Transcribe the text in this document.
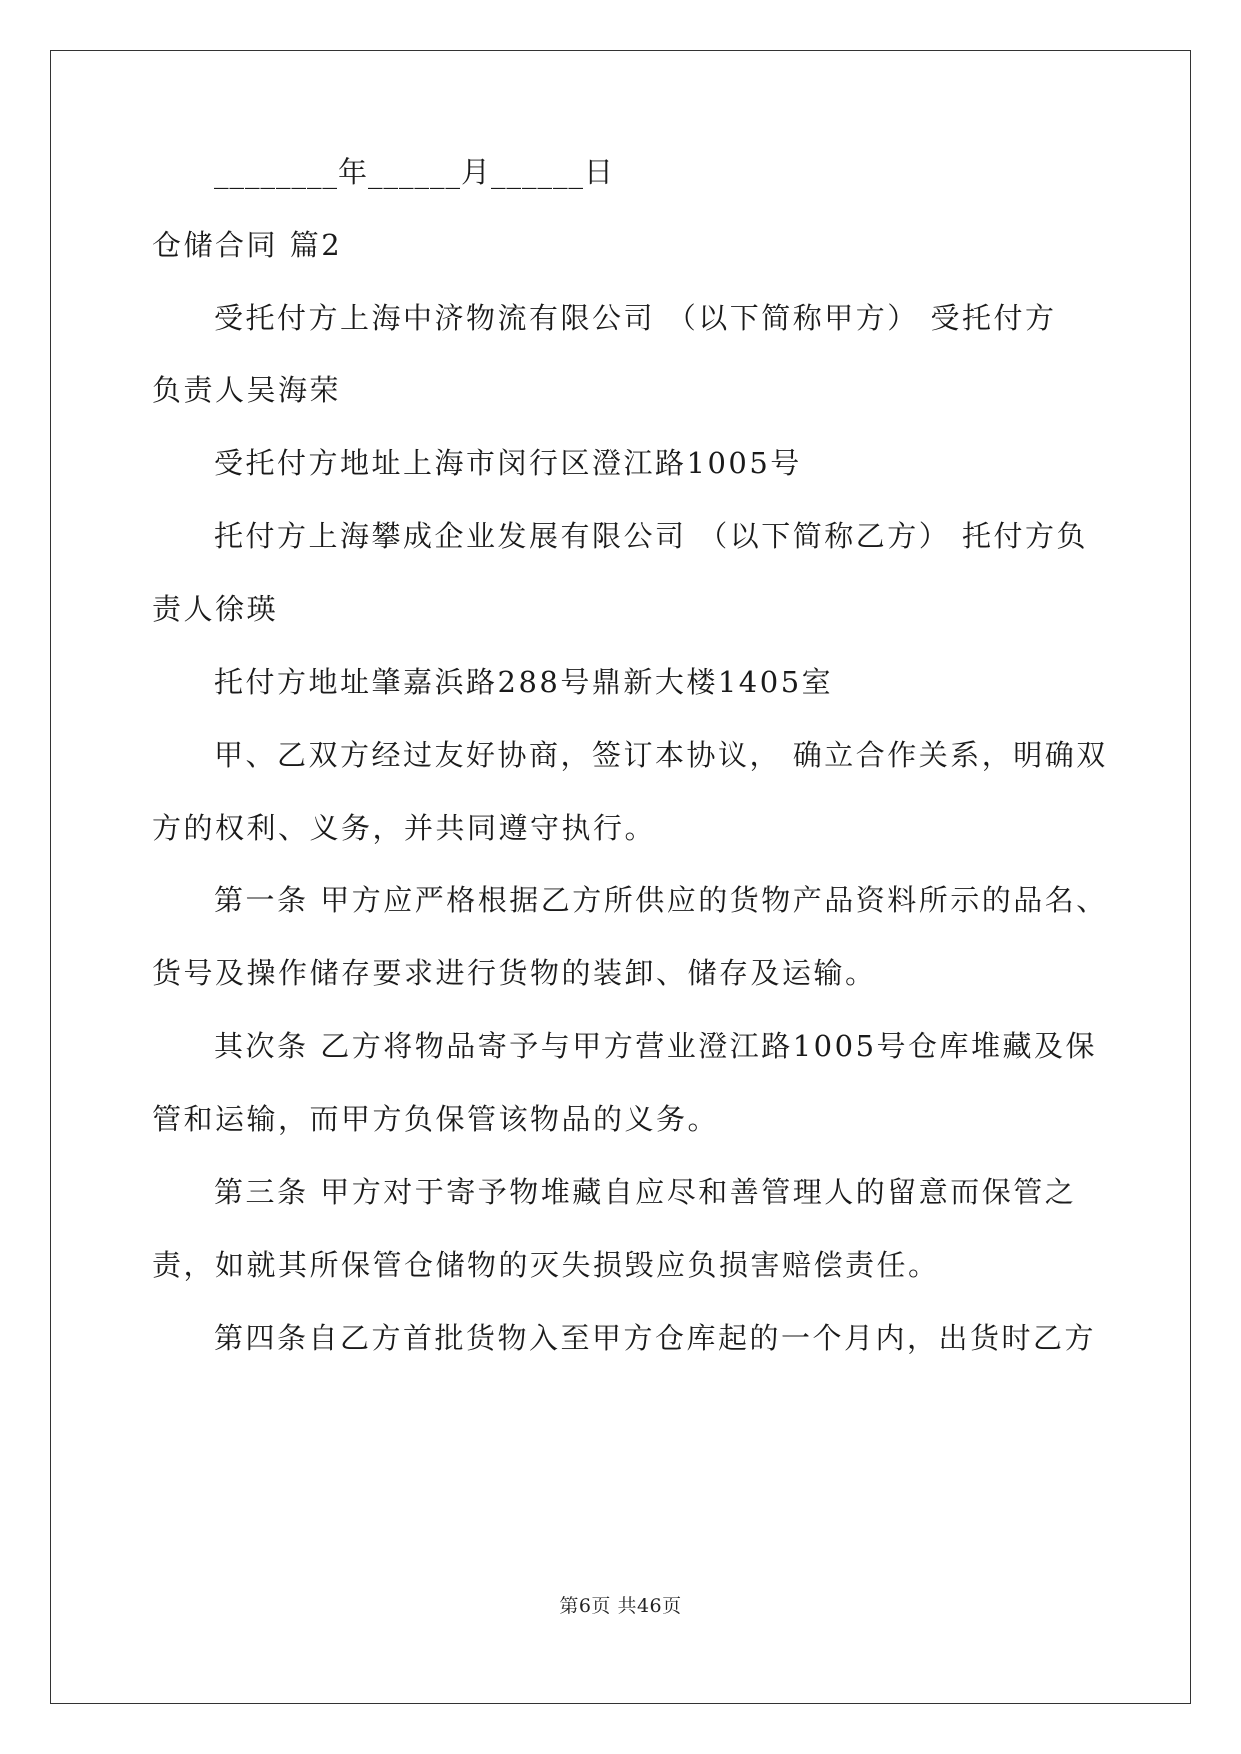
________年______月______日
仓储合同 篇2
受托付方上海中济物流有限公司 （以下简称甲方） 受托付方
负责人吴海荣
受托付方地址上海市闵行区澄江路1005号
托付方上海攀成企业发展有限公司 （以下简称乙方） 托付方负
责人徐瑛
托付方地址肇嘉浜路288号鼎新大楼1405室
甲、乙双方经过友好协商，签订本协议， 确立合作关系，明确双
方的权利、义务，并共同遵守执行。
第一条 甲方应严格根据乙方所供应的货物产品资料所示的品名、
货号及操作储存要求进行货物的装卸、储存及运输。
其次条 乙方将物品寄予与甲方营业澄江路1005号仓库堆藏及保
管和运输，而甲方负保管该物品的义务。
第三条 甲方对于寄予物堆藏自应尽和善管理人的留意而保管之
责，如就其所保管仓储物的灭失损毁应负损害赔偿责任。
第四条自乙方首批货物入至甲方仓库起的一个月内，出货时乙方
第6页 共46页
